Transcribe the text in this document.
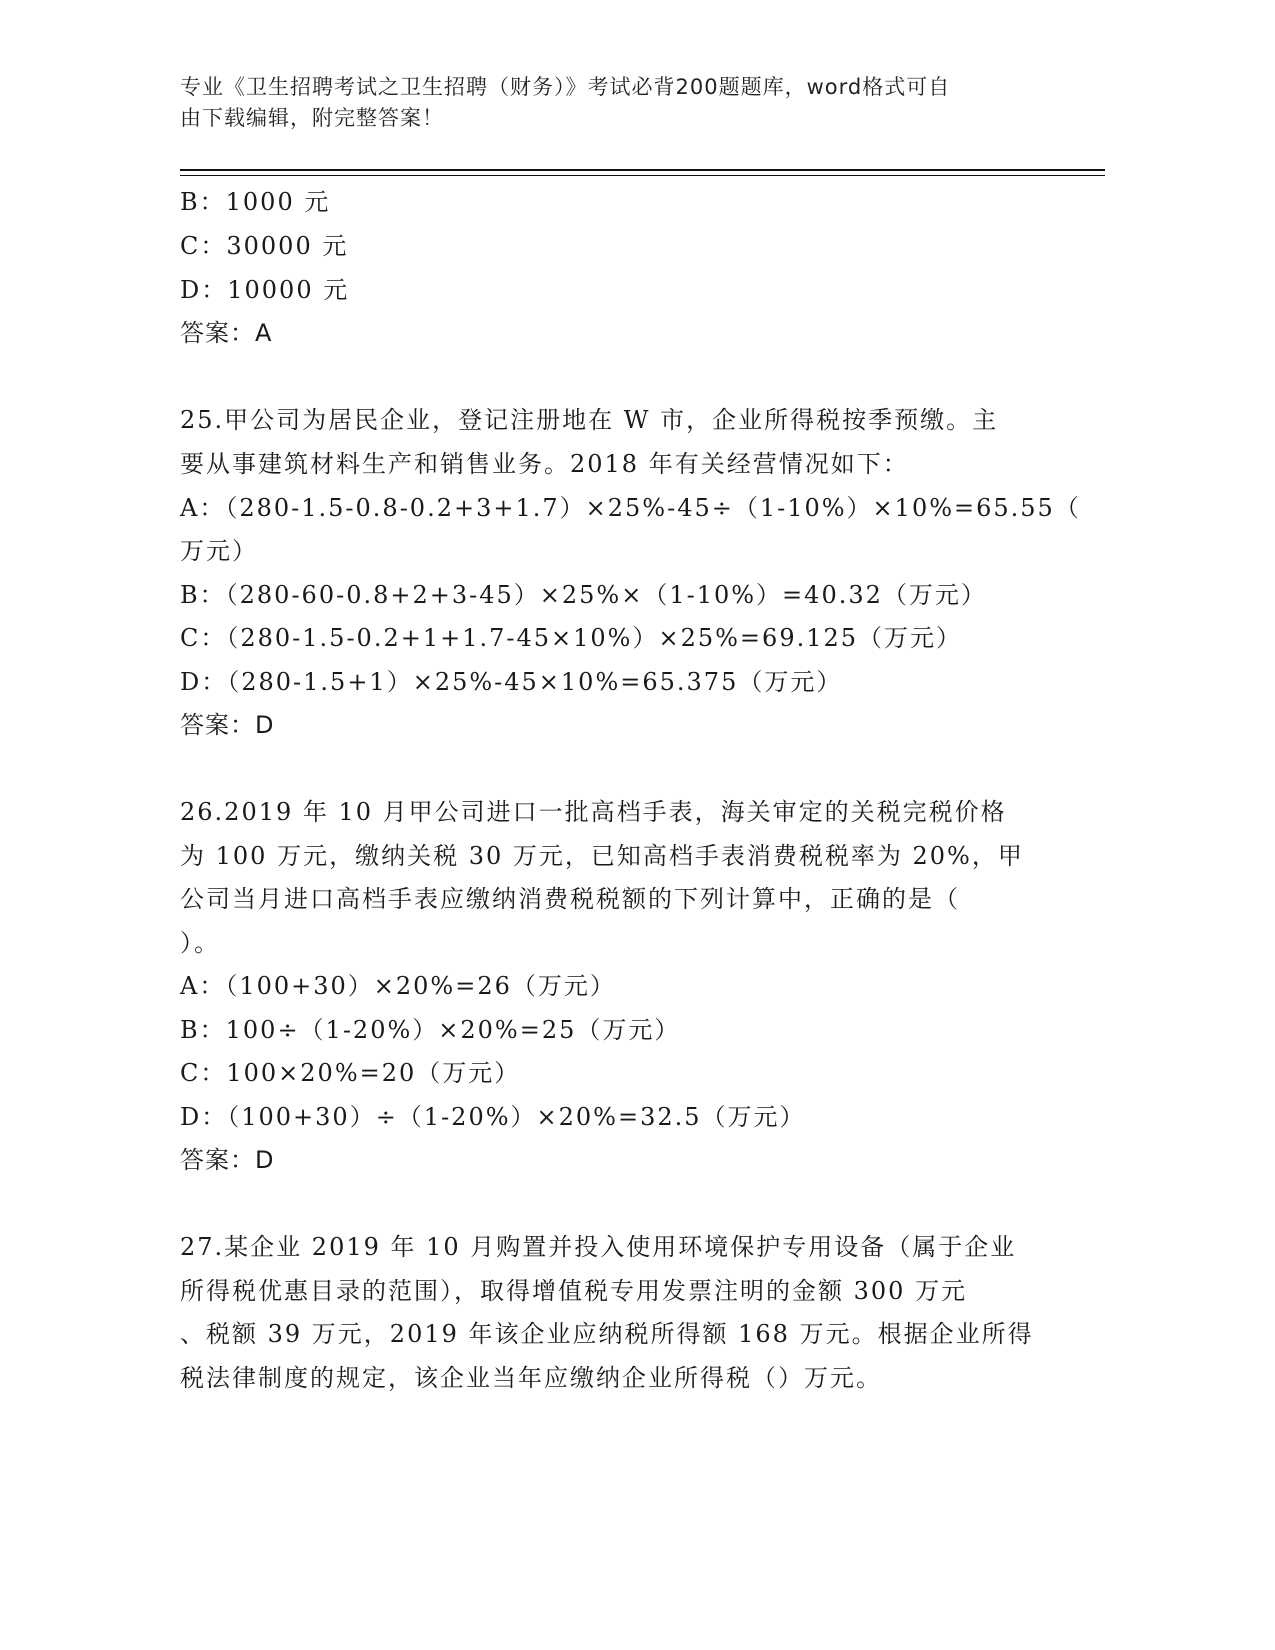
专业《卫生招聘考试之卫生招聘（财务）》考试必背200题题库，word格式可自
由下载编辑，附完整答案！
B：1000 元
C：30000 元
D：10000 元
答案：A
25.甲公司为居民企业，登记注册地在 W 市，企业所得税按季预缴。主
要从事建筑材料生产和销售业务。2018 年有关经营情况如下：
A：（280-1.5-0.8-0.2+3+1.7）×25%-45÷（1-10%）×10%=65.55（
万元）
B：（280-60-0.8+2+3-45）×25%×（1-10%）=40.32（万元）
C：（280-1.5-0.2+1+1.7-45×10%）×25%=69.125（万元）
D：（280-1.5+1）×25%-45×10%=65.375（万元）
答案：D
26.2019 年 10 月甲公司进口一批高档手表，海关审定的关税完税价格
为 100 万元，缴纳关税 30 万元，已知高档手表消费税税率为 20%，甲
公司当月进口高档手表应缴纳消费税税额的下列计算中，正确的是（
）。
A：（100+30）×20%=26（万元）
B：100÷（1-20%）×20%=25（万元）
C：100×20%=20（万元）
D：（100+30）÷（1-20%）×20%=32.5（万元）
答案：D
27.某企业 2019 年 10 月购置并投入使用环境保护专用设备（属于企业
所得税优惠目录的范围），取得增值税专用发票注明的金额 300 万元
、税额 39 万元，2019 年该企业应纳税所得额 168 万元。根据企业所得
税法律制度的规定，该企业当年应缴纳企业所得税（）万元。
